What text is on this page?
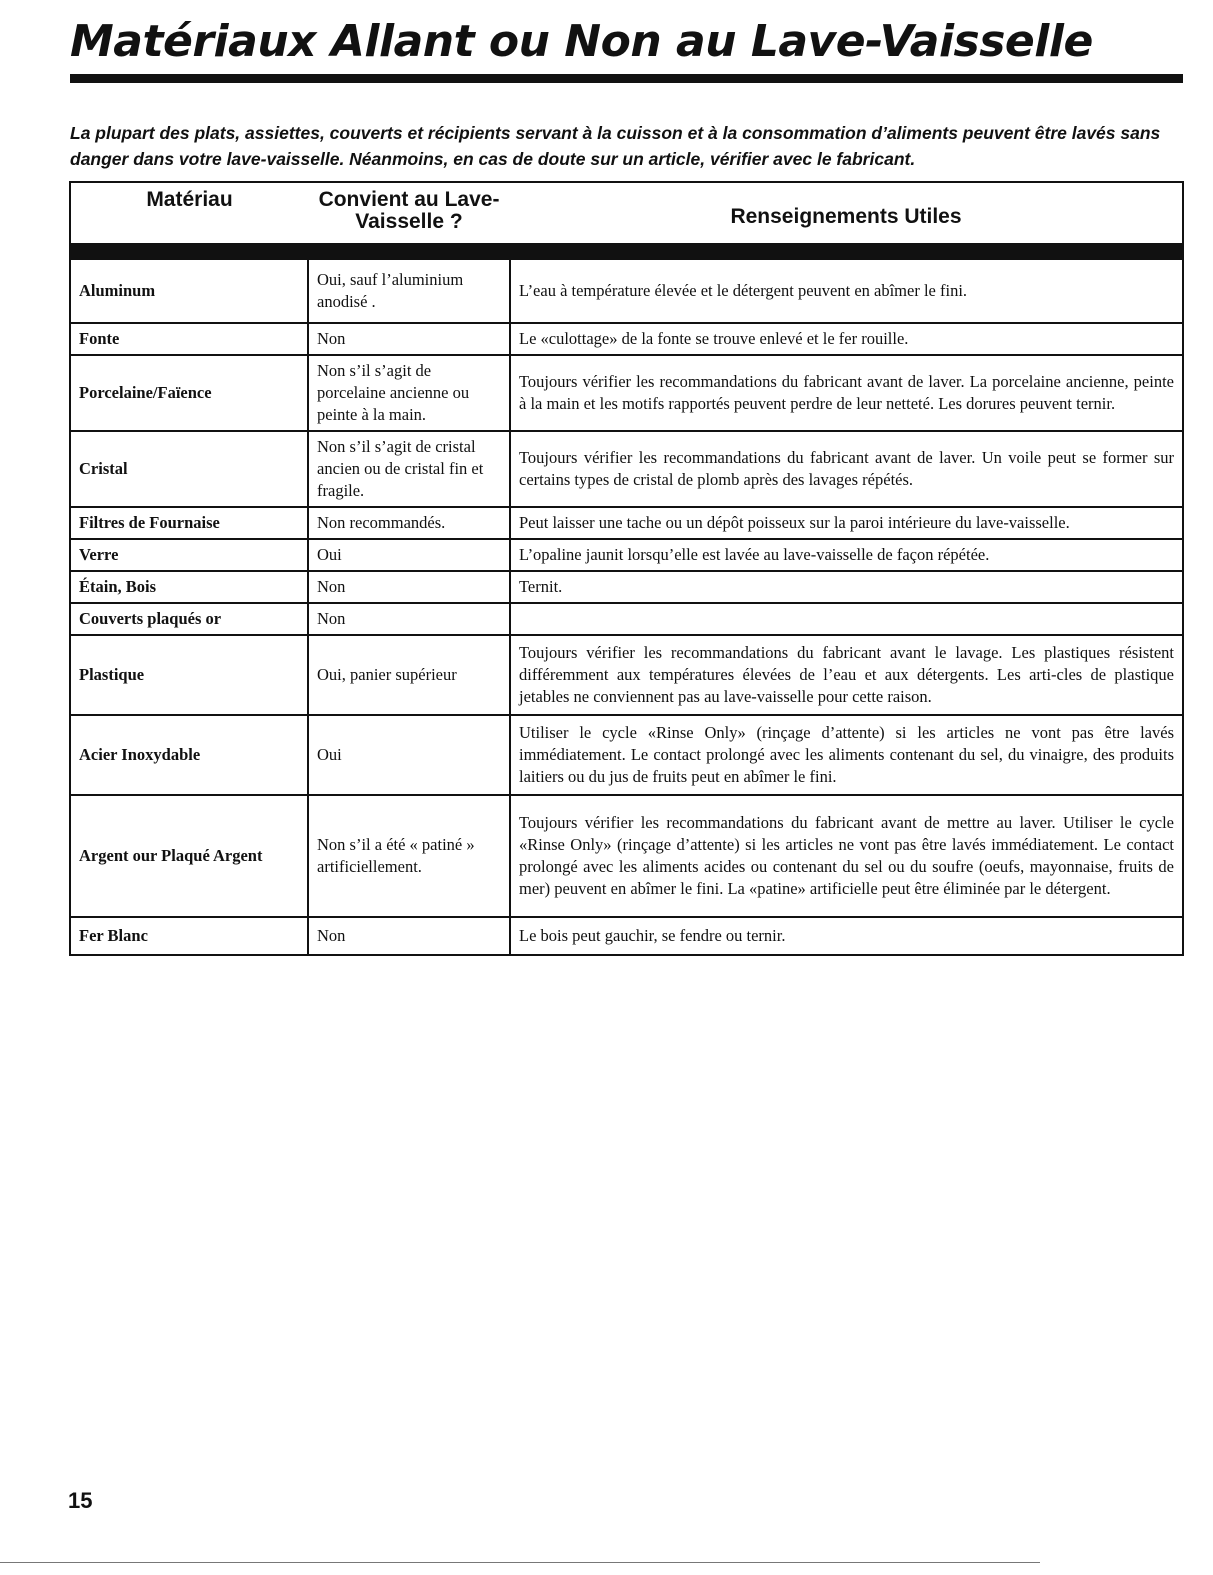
Matériaux Allant ou Non au Lave-Vaisselle

La plupart des plats, assiettes, couverts et récipients servant à la cuisson et à la consommation d’aliments peuvent être lavés sans danger dans votre lave-vaisselle. Néanmoins, en cas de doute sur un article, vérifier avec le fabricant.

Matériau	Convient au Lave-Vaisselle ?	Renseignements Utiles

Aluminum	Oui, sauf l’aluminium anodisé .	L’eau à température élevée et le détergent peuvent en abîmer le fini.
Fonte	Non	Le «culottage» de la fonte se trouve enlevé et le fer rouille.
Porcelaine/Faïence	Non s’il s’agit de porcelaine ancienne ou peinte à la main.	Toujours vérifier les recommandations du fabricant avant de laver. La porcelaine ancienne, peinte à la main et les motifs rapportés peuvent perdre de leur netteté. Les dorures peuvent ternir.
Cristal	Non s’il s’agit de cristal ancien ou de cristal fin et fragile.	Toujours vérifier les recommandations du fabricant avant de laver. Un voile peut se former sur certains types de cristal de plomb après des lavages répétés.
Filtres de Fournaise	Non recommandés.	Peut laisser une tache ou un dépôt poisseux sur la paroi intérieure du lave-vaisselle.
Verre	Oui	L’opaline jaunit lorsqu’elle est lavée au lave-vaisselle de façon répétée.
Étain, Bois	Non	Ternit.
Couverts plaqués or	Non	
Plastique	Oui, panier supérieur	Toujours vérifier les recommandations du fabricant avant le lavage. Les plastiques résistent différemment aux températures élevées de l’eau et aux détergents. Les arti-cles de plastique jetables ne conviennent pas au lave-vaisselle pour cette raison.
Acier Inoxydable	Oui	Utiliser le cycle «Rinse Only» (rinçage d’attente) si les articles ne vont pas être lavés immédiatement. Le contact prolongé avec les aliments contenant du sel, du vinaigre, des produits laitiers ou du jus de fruits peut en abîmer le fini.
Argent our Plaqué Argent	Non s’il a été « patiné » artificiellement.	Toujours vérifier les recommandations du fabricant avant de mettre au laver. Utiliser le cycle «Rinse Only» (rinçage d’attente) si les articles ne vont pas être lavés immédiatement. Le contact prolongé avec les aliments acides ou contenant du sel ou du soufre (oeufs, mayonnaise, fruits de mer) peuvent en abîmer le fini. La «patine» artificielle peut être éliminée par le détergent.
Fer Blanc	Non	Le bois peut gauchir, se fendre ou ternir.
15
